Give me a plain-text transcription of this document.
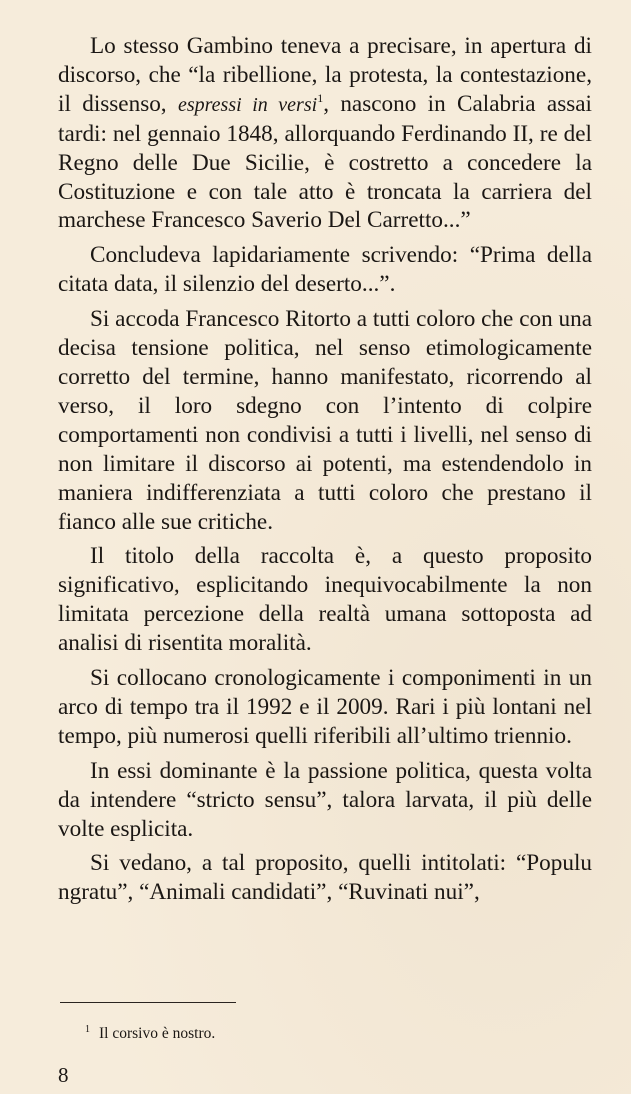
Lo stesso Gambino teneva a precisare, in apertura di discorso, che “la ribellione, la protesta, la contestazione, il dissenso, espressi in versi$^1$, nascono in Calabria assai tardi: nel gennaio 1848, allorquando Ferdinando II, re del Regno delle Due Sicilie, è costretto a concedere la Costituzione e con tale atto è troncata la carriera del marchese Francesco Saverio Del Carretto...”

Concludeva lapidariamente scrivendo: “Prima della citata data, il silenzio del deserto...”.

Si accoda Francesco Ritorto a tutti coloro che con una decisa tensione politica, nel senso etimologicamente corretto del termine, hanno manifestato, ricorrendo al verso, il loro sdegno con l’intento di colpire comportamenti non condivisi a tutti i livelli, nel senso di non limitare il discorso ai potenti, ma estendendolo in maniera indifferenziata a tutti coloro che prestano il fianco alle sue critiche.

Il titolo della raccolta è, a questo proposito significativo, esplicitando inequivocabilmente la non limitata percezione della realtà umana sottoposta ad analisi di risentita moralità.

Si collocano cronologicamente i componimenti in un arco di tempo tra il 1992 e il 2009. Rari i più lontani nel tempo, più numerosi quelli riferibili all’ultimo triennio.

In essi dominante è la passione politica, questa volta da intendere “stricto sensu”, talora larvata, il più delle volte esplicita.

Si vedano, a tal proposito, quelli intitolati: “Populu ngratu”, “Animali candidati”, “Ruvinati nui”,

$^1$ Il corsivo è nostro.
8
